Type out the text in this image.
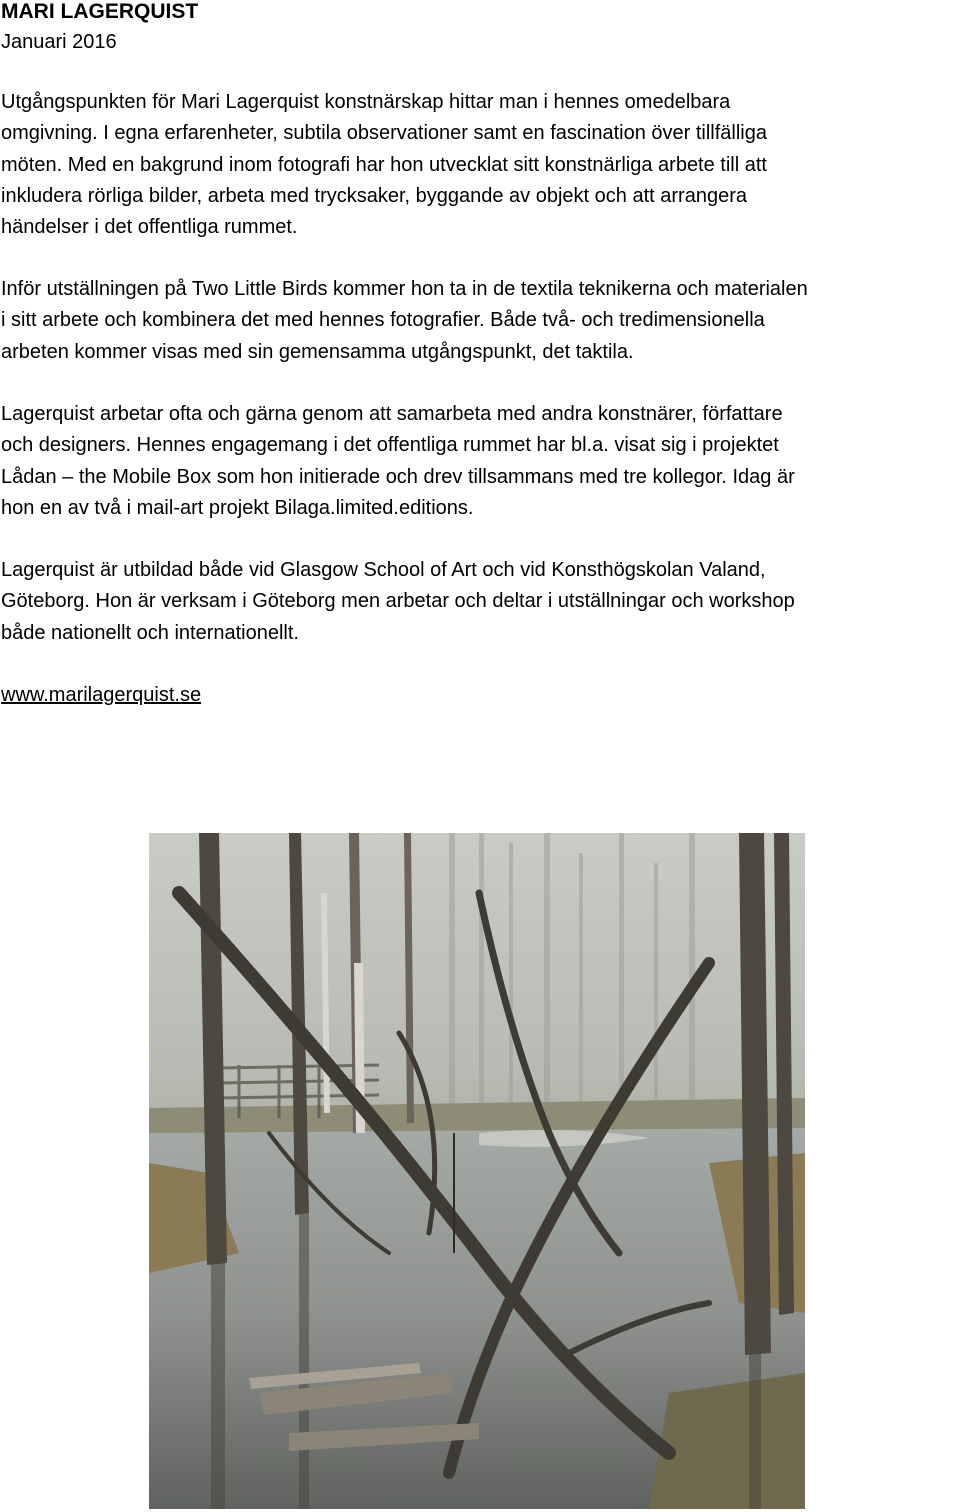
MARI LAGERQUIST
Januari 2016

Utgångspunkten för Mari Lagerquist konstnärskap hittar man i hennes omedelbara
omgivning. I egna erfarenheter, subtila observationer samt en fascination över tillfälliga
möten. Med en bakgrund inom fotografi har hon utvecklat sitt konstnärliga arbete till att
inkludera rörliga bilder, arbeta med trycksaker, byggande av objekt och att arrangera
händelser i det offentliga rummet.

Inför utställningen på Two Little Birds kommer hon ta in de textila teknikerna och materialen
i sitt arbete och kombinera det med hennes fotografier. Både två- och tredimensionella
arbeten kommer visas med sin gemensamma utgångspunkt, det taktila.

Lagerquist arbetar ofta och gärna genom att samarbeta med andra konstnärer, författare
och designers. Hennes engagemang i det offentliga rummet har bl.a. visat sig i projektet
Lådan – the Mobile Box som hon initierade och drev tillsammans med tre kollegor. Idag är
hon en av två i mail-art projekt Bilaga.limited.editions.

Lagerquist är utbildad både vid Glasgow School of Art och vid Konsthögskolan Valand,
Göteborg. Hon är verksam i Göteborg men arbetar och deltar i utställningar och workshop
både nationellt och internationellt.

www.marilagerquist.se
